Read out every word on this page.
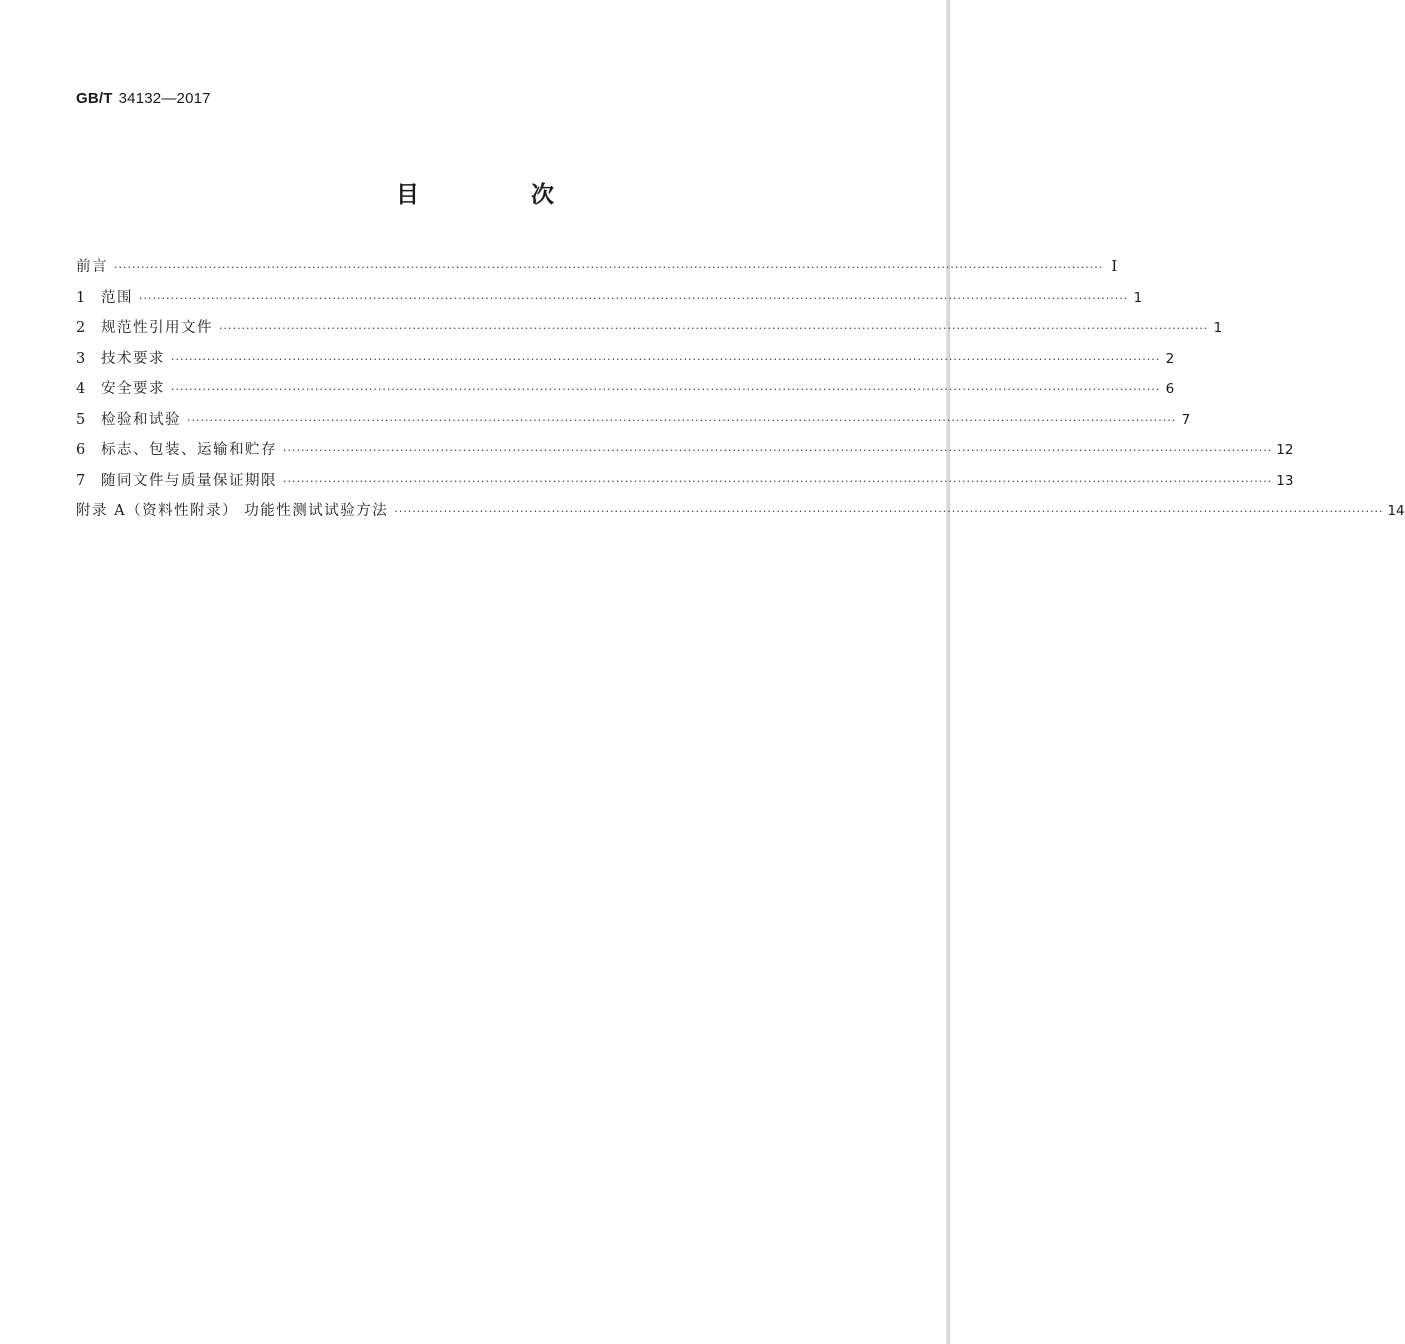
GB/T 34132—2017
目 次
前言 ···························································································································································································································· Ⅰ
1	范围 ···························································································································································································································· 1
2	规范性引用文件 ···························································································································································································································· 1
3	技术要求 ···························································································································································································································· 2
4	安全要求 ···························································································································································································································· 6
5	检验和试验 ···························································································································································································································· 7
6	标志、包装、运输和贮存 ···························································································································································································································· 12
7	随同文件与质量保证期限 ···························································································································································································································· 13
附录 A（资料性附录） 功能性测试试验方法 ···························································································································································································································· 14
